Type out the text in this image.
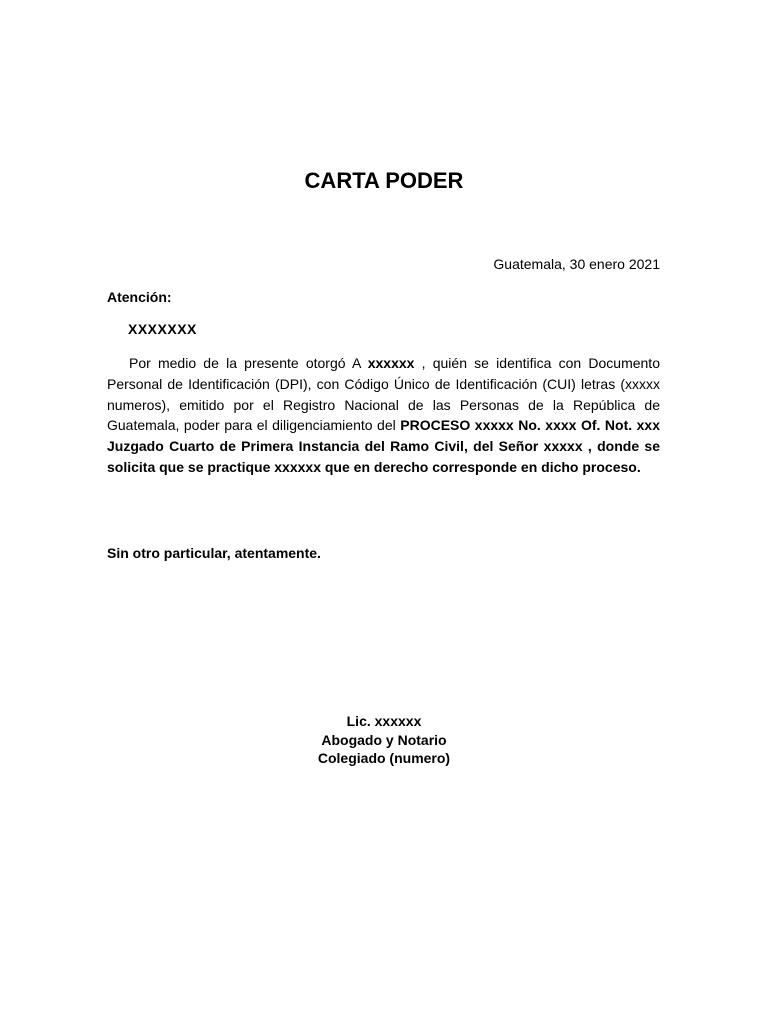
CARTA PODER

Guatemala, 30 enero 2021

Atención:

XXXXXXX

Por medio de la presente otorgó A xxxxxx , quién se identifica con Documento Personal de Identificación (DPI), con Código Único de Identificación (CUI) letras (xxxxx numeros), emitido por el Registro Nacional de las Personas de la República de Guatemala, poder para el diligenciamiento del PROCESO xxxxx No. xxxx Of. Not. xxx Juzgado Cuarto de Primera Instancia del Ramo Civil, del Señor xxxxx , donde se solicita que se practique xxxxxx que en derecho corresponde en dicho proceso.

Sin otro particular, atentamente.

Lic. xxxxxx
Abogado y Notario
Colegiado (numero)
